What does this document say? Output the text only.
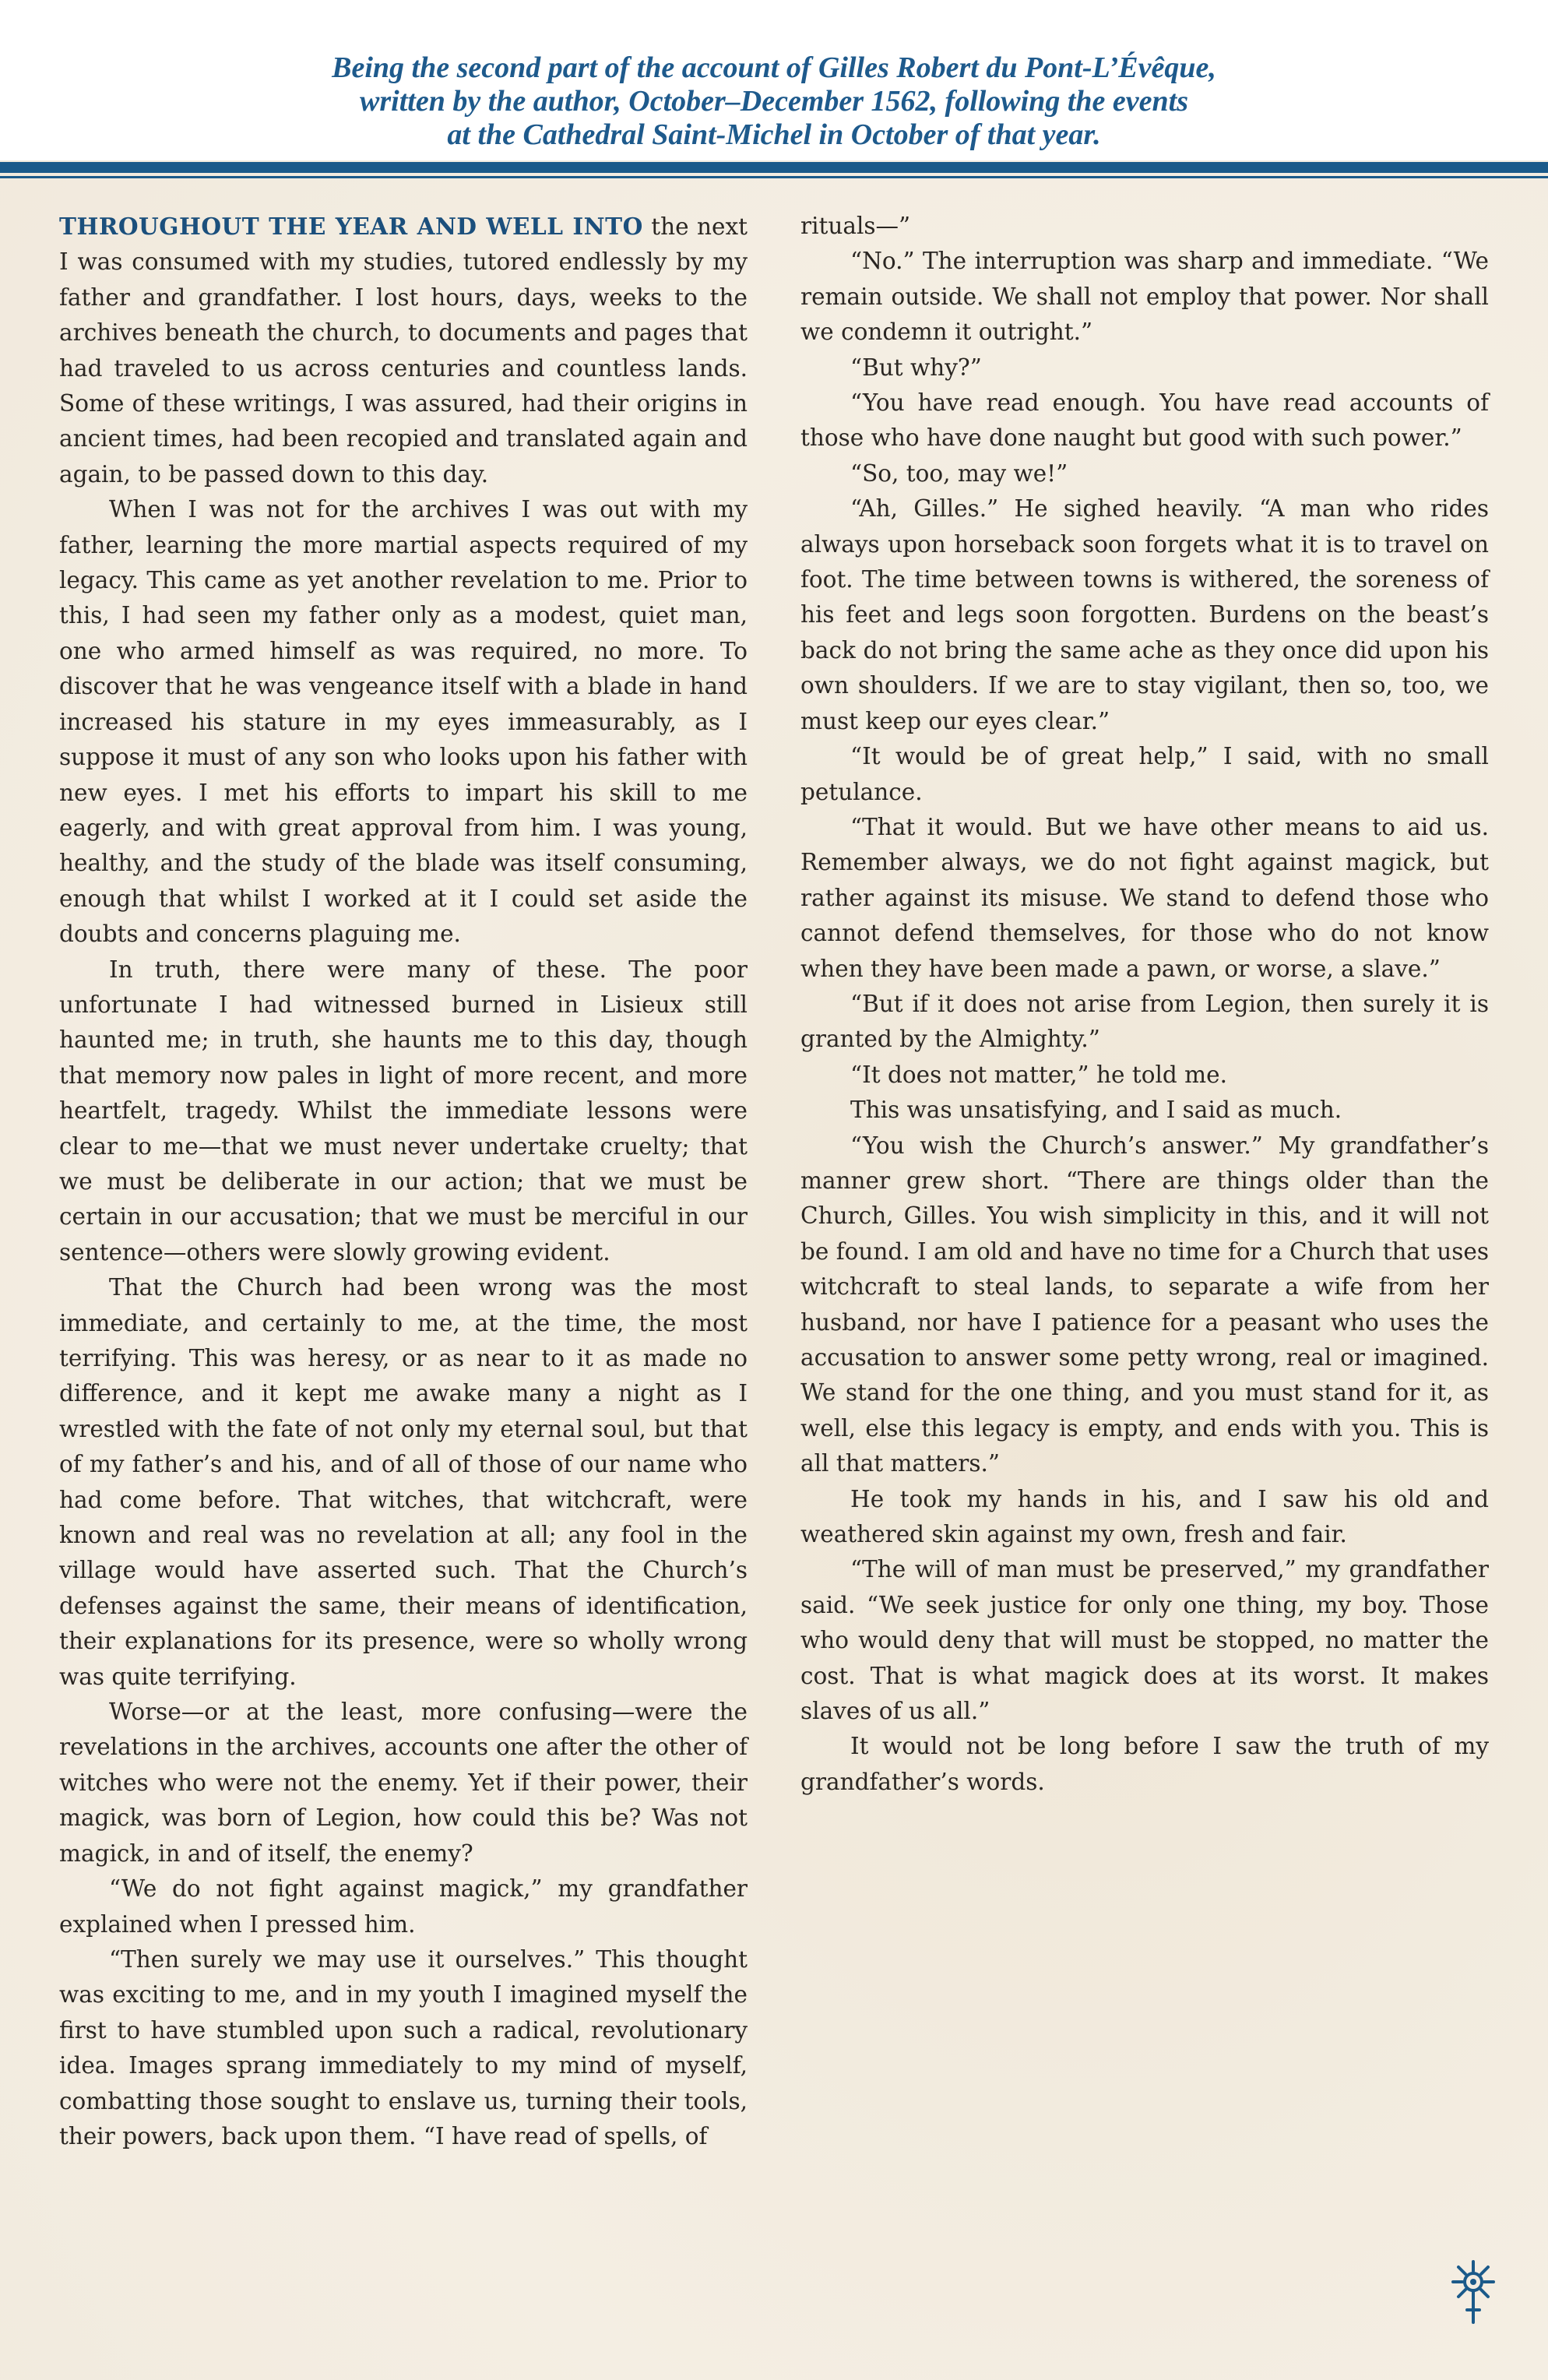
Being the second part of the account of Gilles Robert du Pont-L’Évêque,
written by the author, October–December 1562, following the events
at the Cathedral Saint-Michel in October of that year.

THROUGHOUT THE YEAR AND WELL INTO the next I was consumed with my studies, tutored endlessly by my father and grandfather. I lost hours, days, weeks to the archives beneath the church, to documents and pages that had traveled to us across centuries and countless lands. Some of these writings, I was assured, had their origins in ancient times, had been recopied and translated again and again, to be passed down to this day.

When I was not for the archives I was out with my father, learning the more martial aspects required of my legacy. This came as yet another revelation to me. Prior to this, I had seen my father only as a modest, quiet man, one who armed himself as was required, no more. To discover that he was vengeance itself with a blade in hand increased his stature in my eyes immeasurably, as I suppose it must of any son who looks upon his father with new eyes. I met his efforts to impart his skill to me eagerly, and with great approval from him. I was young, healthy, and the study of the blade was itself consuming, enough that whilst I worked at it I could set aside the doubts and concerns plaguing me.

In truth, there were many of these. The poor unfortunate I had witnessed burned in Lisieux still haunted me; in truth, she haunts me to this day, though that memory now pales in light of more recent, and more heartfelt, tragedy. Whilst the immediate lessons were clear to me—that we must never undertake cruelty; that we must be deliberate in our action; that we must be certain in our accusation; that we must be merciful in our sentence—others were slowly growing evident.

That the Church had been wrong was the most immediate, and certainly to me, at the time, the most terrifying. This was heresy, or as near to it as made no difference, and it kept me awake many a night as I wrestled with the fate of not only my eternal soul, but that of my father’s and his, and of all of those of our name who had come before. That witches, that witchcraft, were known and real was no revelation at all; any fool in the village would have asserted such. That the Church’s defenses against the same, their means of identification, their explanations for its presence, were so wholly wrong was quite terrifying.

Worse—or at the least, more confusing—were the revelations in the archives, accounts one after the other of witches who were not the enemy. Yet if their power, their magick, was born of Legion, how could this be? Was not magick, in and of itself, the enemy?

“We do not fight against magick,” my grandfather explained when I pressed him.

“Then surely we may use it ourselves.” This thought was exciting to me, and in my youth I imagined myself the first to have stumbled upon such a radical, revolutionary idea. Images sprang immediately to my mind of myself, combatting those sought to enslave us, turning their tools, their powers, back upon them. “I have read of spells, of

rituals—”

“No.” The interruption was sharp and immediate. “We remain outside. We shall not employ that power. Nor shall we condemn it outright.”

“But why?”

“You have read enough. You have read accounts of those who have done naught but good with such power.”

“So, too, may we!”

“Ah, Gilles.” He sighed heavily. “A man who rides always upon horseback soon forgets what it is to travel on foot. The time between towns is withered, the soreness of his feet and legs soon forgotten. Burdens on the beast’s back do not bring the same ache as they once did upon his own shoulders. If we are to stay vigilant, then so, too, we must keep our eyes clear.”

“It would be of great help,” I said, with no small petulance.

“That it would. But we have other means to aid us. Remember always, we do not fight against magick, but rather against its misuse. We stand to defend those who cannot defend themselves, for those who do not know when they have been made a pawn, or worse, a slave.”

“But if it does not arise from Legion, then surely it is granted by the Almighty.”

“It does not matter,” he told me.

This was unsatisfying, and I said as much.

“You wish the Church’s answer.” My grandfather’s manner grew short. “There are things older than the Church, Gilles. You wish simplicity in this, and it will not be found. I am old and have no time for a Church that uses witchcraft to steal lands, to separate a wife from her husband, nor have I patience for a peasant who uses the accusation to answer some petty wrong, real or imagined. We stand for the one thing, and you must stand for it, as well, else this legacy is empty, and ends with you. This is all that matters.”

He took my hands in his, and I saw his old and weathered skin against my own, fresh and fair.

“The will of man must be preserved,” my grandfather said. “We seek justice for only one thing, my boy. Those who would deny that will must be stopped, no matter the cost. That is what magick does at its worst. It makes slaves of us all.”

It would not be long before I saw the truth of my grandfather’s words.
